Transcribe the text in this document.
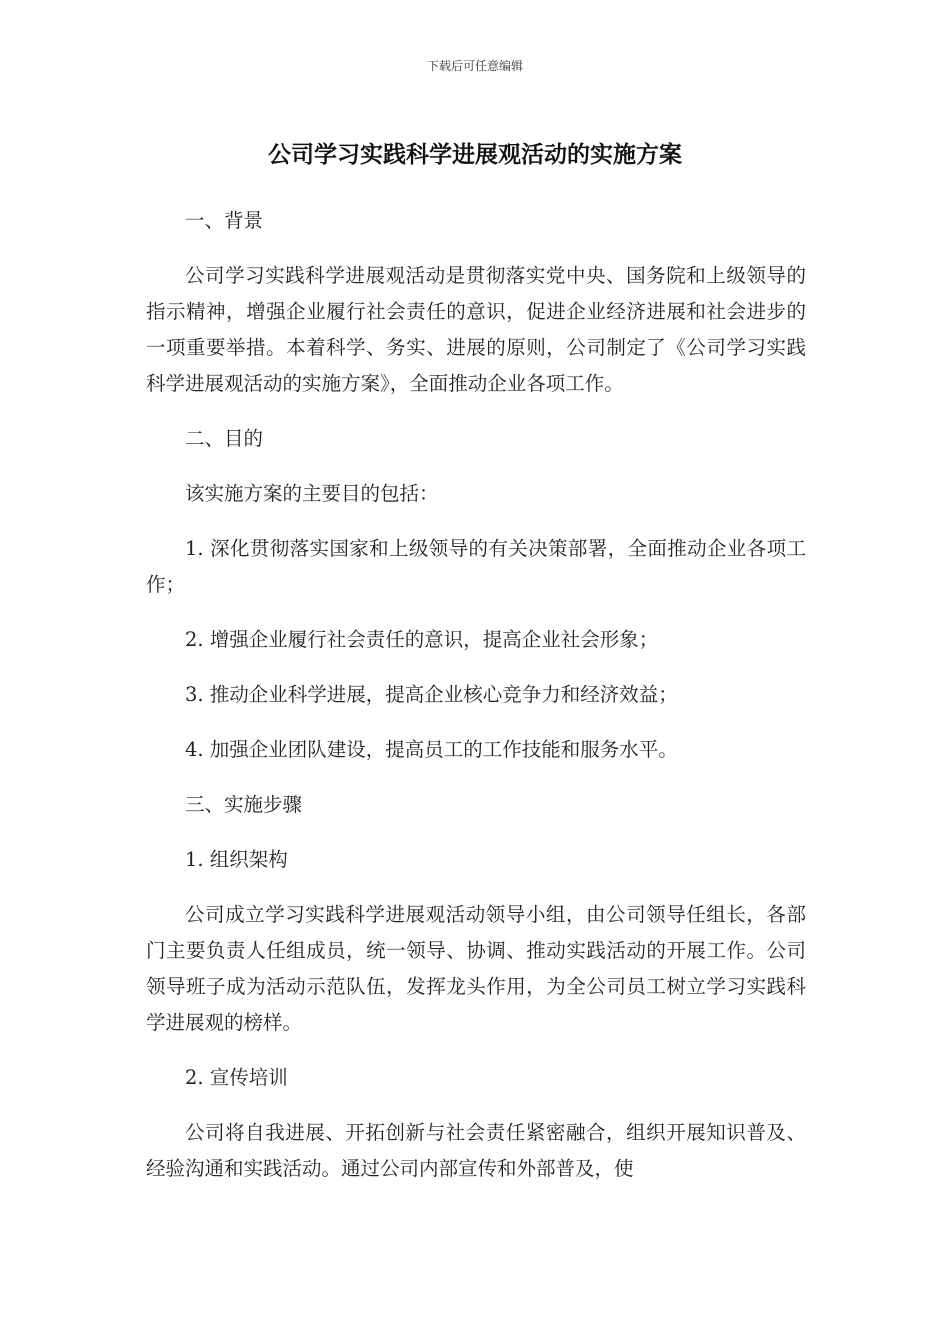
下载后可任意编辑
公司学习实践科学进展观活动的实施方案

一、背景

公司学习实践科学进展观活动是贯彻落实党中央、国务院和上级领导的指示精神，增强企业履行社会责任的意识，促进企业经济进展和社会进步的一项重要举措。本着科学、务实、进展的原则，公司制定了《公司学习实践科学进展观活动的实施方案》，全面推动企业各项工作。

二、目的

该实施方案的主要目的包括：

1. 深化贯彻落实国家和上级领导的有关决策部署，全面推动企业各项工作；

2. 增强企业履行社会责任的意识，提高企业社会形象；

3. 推动企业科学进展，提高企业核心竞争力和经济效益；

4. 加强企业团队建设，提高员工的工作技能和服务水平。

三、实施步骤

1. 组织架构

公司成立学习实践科学进展观活动领导小组，由公司领导任组长，各部门主要负责人任组成员，统一领导、协调、推动实践活动的开展工作。公司领导班子成为活动示范队伍，发挥龙头作用，为全公司员工树立学习实践科学进展观的榜样。

2. 宣传培训

公司将自我进展、开拓创新与社会责任紧密融合，组织开展知识普及、经验沟通和实践活动。通过公司内部宣传和外部普及，使
